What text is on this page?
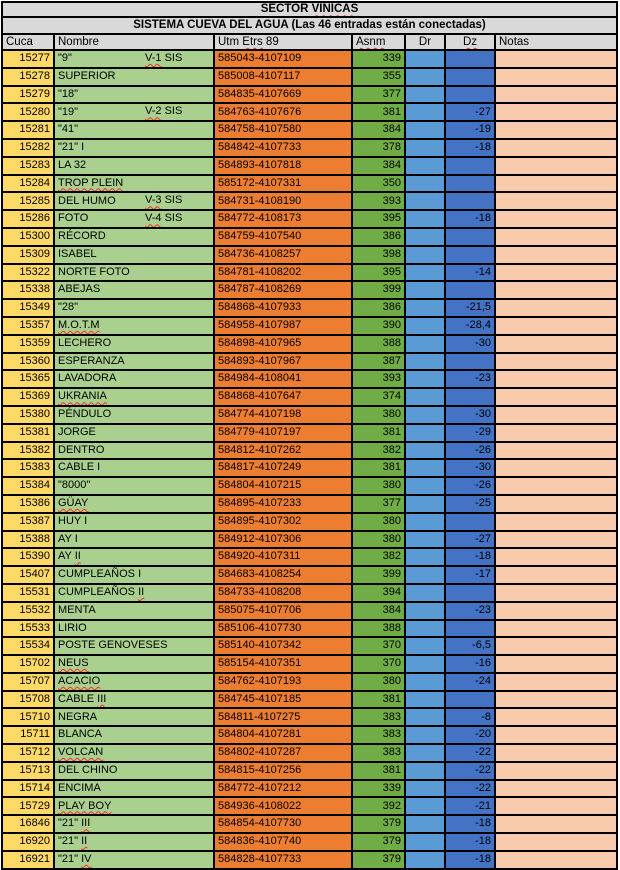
SECTOR VIÑICAS						
SISTEMA CUEVA DEL AGUA (Las 46 entradas están conectadas)						
Cuca	Nombre	Utm Etrs 89	Asnm	Dr	Dz	Notas
15277	"9" V-1 SIS	585043-4107109	339			
15278	SUPERIOR	585008-4107117	355			
15279	"18"	584835-4107669	377			
15280	"19" V-2 SIS	584763-4107676	381		-27	
15281	"41"	584758-4107580	384		-19	
15282	"21" I	584842-4107733	378		-18	
15283	LA 32	584893-4107818	384			
15284	TROP PLEIN	585172-4107331	350			
15285	DEL HUMO V-3 SIS	584731-4108190	393			
15286	FOTO V-4 SIS	584772-4108173	395		-18	
15300	RÉCORD	584759-4107540	386			
15309	ISABEL	584736-4108257	398			
15322	NORTE FOTO	584781-4108202	395		-14	
15338	ABEJAS	584787-4108269	399			
15349	"28"	584868-4107933	386		-21,5	
15357	M.O.T.M	584958-4107987	390		-28,4	
15359	LECHERO	584898-4107965	388		-30	
15360	ESPERANZA	584893-4107967	387			
15365	LAVADORA	584984-4108041	393		-23	
15369	UKRANIA	584868-4107647	374			
15380	PÉNDULO	584774-4107198	380		-30	
15381	JORGE	584779-4107197	381		-29	
15382	DENTRO	584812-4107262	382		-26	
15383	CABLE I	584817-4107249	381		-30	
15384	"8000"	584804-4107215	380		-26	
15386	GÜAY	584895-4107233	377		-25	
15387	HUY I	584895-4107302	380			
15388	AY I	584912-4107306	380		-27	
15390	AY II	584920-4107311	382		-18	
15407	CUMPLEAÑOS I	584683-4108254	399		-17	
15531	CUMPLEAÑOS II	584733-4108208	394			
15532	MENTA	585075-4107706	384		-23	
15533	LIRIO	585106-4107730	388			
15534	POSTE GENOVESES	585140-4107342	370		-6,5	
15702	NEUS	585154-4107351	370		-16	
15707	ACACIO	584762-4107193	380		-24	
15708	CABLE III	584745-4107185	381			
15710	NEGRA	584811-4107275	383		-8	
15711	BLANCA	584804-4107281	383		-20	
15712	VOLCAN	584802-4107287	383		-22	
15713	DEL CHINO	584815-4107256	381		-22	
15714	ENCIMA	584772-4107212	339		-22	
15729	PLAY BOY	584936-4108022	392		-21	
16846	"21" III	584854-4107730	379		-18	
16920	"21" II	584836-4107740	379		-18	
16921	"21" IV	584828-4107733	379		-18	
